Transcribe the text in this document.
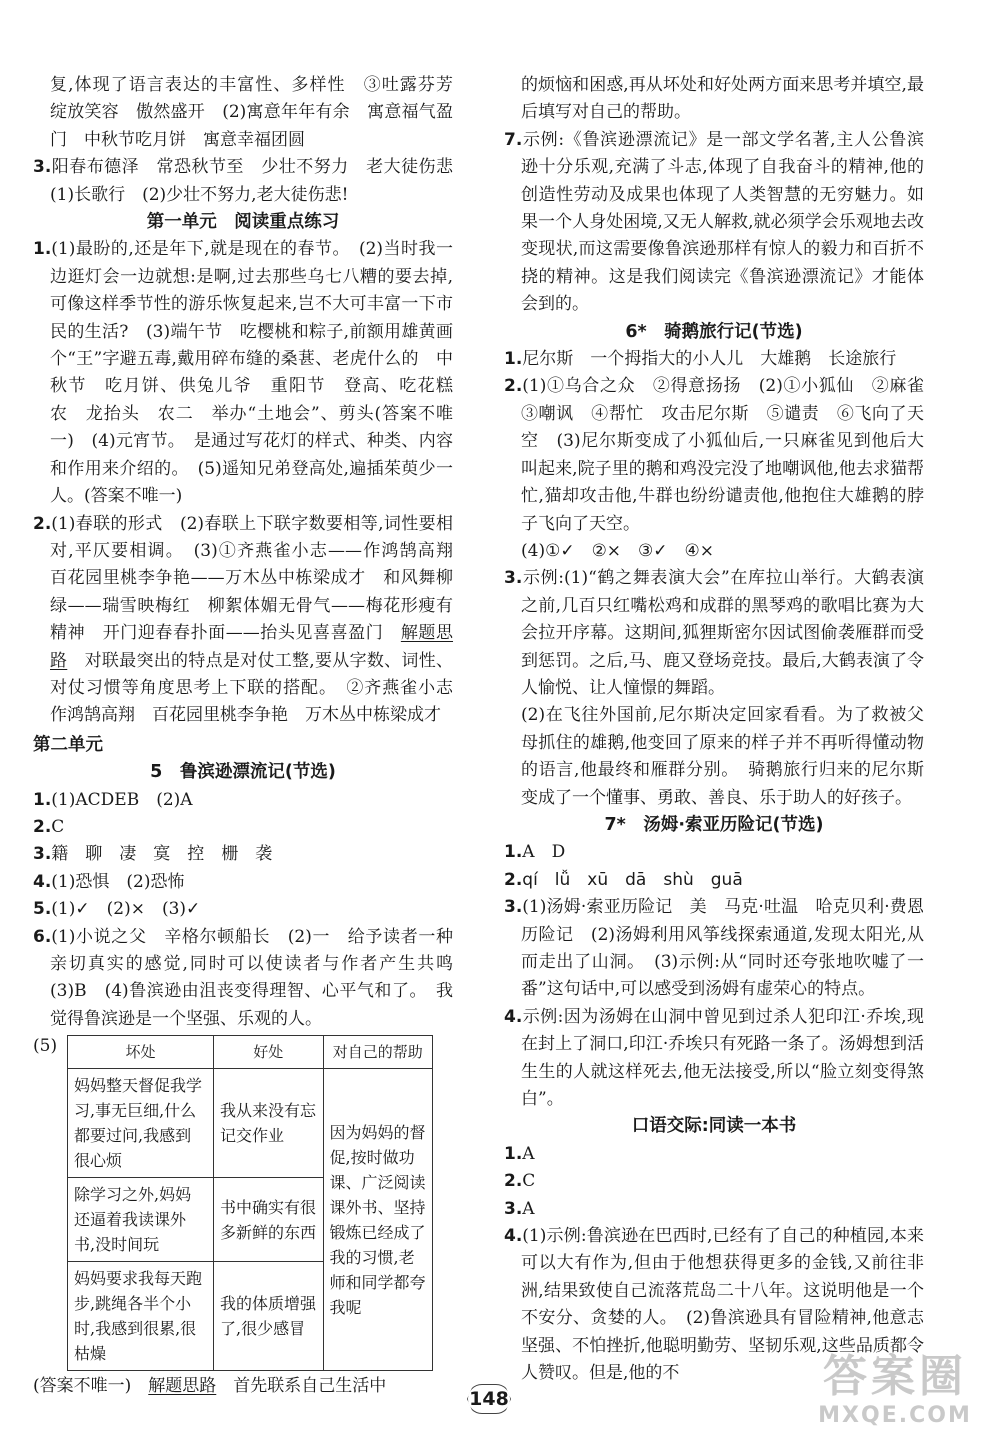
复,体现了语言表达的丰富性、多样性　③吐露芬芳　绽放笑容　傲然盛开　(2)寓意年年有余　寓意福气盈门　中秋节吃月饼　寓意幸福团圆

3.阳春布德泽　常恐秋节至　少壮不努力　老大徒伤悲　(1)长歌行　(2)少壮不努力,老大徒伤悲!

第一单元　阅读重点练习

1.(1)最盼的,还是年下,就是现在的春节。　(2)当时我一边逛灯会一边就想:是啊,过去那些乌七八糟的要去掉,可像这样季节性的游乐恢复起来,岂不大可丰富一下市民的生活?　(3)端午节　吃樱桃和粽子,前额用雄黄画个“王”字避五毒,戴用碎布缝的桑葚、老虎什么的　中秋节　吃月饼、供兔儿爷　重阳节　登高、吃花糕　农　龙抬头　农二　举办“土地会”、剪头(答案不唯一)　(4)元宵节。　是通过写花灯的样式、种类、内容和作用来介绍的。　(5)遥知兄弟登高处,遍插茱萸少一人。(答案不唯一)

2.(1)春联的形式　(2)春联上下联字数要相等,词性要相对,平仄要相调。　(3)①齐燕雀小志——作鸿鹄高翔　百花园里桃李争艳——万木丛中栋梁成才　和风舞柳绿——瑞雪映梅红　柳絮体媚无骨气——梅花形瘦有精神　开门迎春春扑面——抬头见喜喜盈门　解题思路　对联最突出的特点是对仗工整,要从字数、词性、对仗习惯等角度思考上下联的搭配。　②齐燕雀小志　作鸿鹄高翔　百花园里桃李争艳　万木丛中栋梁成才

第二单元

5　鲁滨逊漂流记(节选)

1.(1)ACDEB　(2)A

2.C

3.籍　聊　凄　寞　控　栅　袭

4.(1)恐惧　(2)恐怖

5.(1)✓　(2)×　(3)✓

6.(1)小说之父　辛格尔顿船长　(2)一　给予读者一种亲切真实的感觉,同时可以使读者与作者产生共鸣　(3)B　(4)鲁滨逊由沮丧变得理智、心平气和了。　我觉得鲁滨逊是一个坚强、乐观的人。

(5)	坏处	好处	对自己的帮助
妈妈整天督促我学习,事无巨细,什么都要过问,我感到很心烦	我从来没有忘记交作业	因为妈妈的督促,按时做功课、广泛阅读课外书、坚持锻炼已经成了我的习惯,老师和同学都夸我呢
除学习之外,妈妈还逼着我读课外书,没时间玩	书中确实有很多新鲜的东西	
妈妈要求我每天跑步,跳绳各半个小时,我感到很累,很枯燥	我的体质增强了,很少感冒	

(答案不唯一)　解题思路　首先联系自己生活中

的烦恼和困惑,再从坏处和好处两方面来思考并填空,最后填写对自己的帮助。

7.示例:《鲁滨逊漂流记》是一部文学名著,主人公鲁滨逊十分乐观,充满了斗志,体现了自我奋斗的精神,他的创造性劳动及成果也体现了人类智慧的无穷魅力。如果一个人身处困境,又无人解救,就必须学会乐观地去改变现状,而这需要像鲁滨逊那样有惊人的毅力和百折不挠的精神。这是我们阅读完《鲁滨逊漂流记》才能体会到的。

6*　骑鹅旅行记(节选)

1.尼尔斯　一个拇指大的小人儿　大雄鹅　长途旅行

2.(1)①乌合之众　②得意扬扬　(2)①小狐仙　②麻雀　③嘲讽　④帮忙　攻击尼尔斯　⑤谴责　⑥飞向了天空　(3)尼尔斯变成了小狐仙后,一只麻雀见到他后大叫起来,院子里的鹅和鸡没完没了地嘲讽他,他去求猫帮忙,猫却攻击他,牛群也纷纷谴责他,他抱住大雄鹅的脖子飞向了天空。

(4)①✓　②×　③✓　④×

3.示例:(1)“鹤之舞表演大会”在库拉山举行。大鹤表演之前,几百只红嘴松鸡和成群的黑琴鸡的歌唱比赛为大会拉开序幕。这期间,狐狸斯密尔因试图偷袭雁群而受到惩罚。之后,马、鹿又登场竞技。最后,大鹤表演了令人愉悦、让人憧憬的舞蹈。

(2)在飞往外国前,尼尔斯决定回家看看。为了救被父母抓住的雄鹅,他变回了原来的样子并不再听得懂动物的语言,他最终和雁群分别。　骑鹅旅行归来的尼尔斯变成了一个懂事、勇敢、善良、乐于助人的好孩子。

7*　汤姆·索亚历险记(节选)

1.A　D

2.qí　lǚ　xū　dā　shù　guā

3.(1)汤姆·索亚历险记　美　马克·吐温　哈克贝利·费恩历险记　(2)汤姆利用风筝线探索通道,发现太阳光,从而走出了山洞。　(3)示例:从“同时还夸张地吹嘘了一番”这句话中,可以感受到汤姆有虚荣心的特点。

4.示例:因为汤姆在山洞中曾见到过杀人犯印江·乔埃,现在封上了洞口,印江·乔埃只有死路一条了。汤姆想到活生生的人就这样死去,他无法接受,所以“脸立刻变得煞白”。

口语交际:同读一本书

1.A

2.C

3.A

4.(1)示例:鲁滨逊在巴西时,已经有了自己的种植园,本来可以大有作为,但由于他想获得更多的金钱,又前往非洲,结果致使自己流落荒岛二十八年。这说明他是一个不安分、贪婪的人。　(2)鲁滨逊具有冒险精神,他意志坚强、不怕挫折,他聪明勤劳、坚韧乐观,这些品质都令人赞叹。但是,他的不

148	答案圈
MXQE.COM
